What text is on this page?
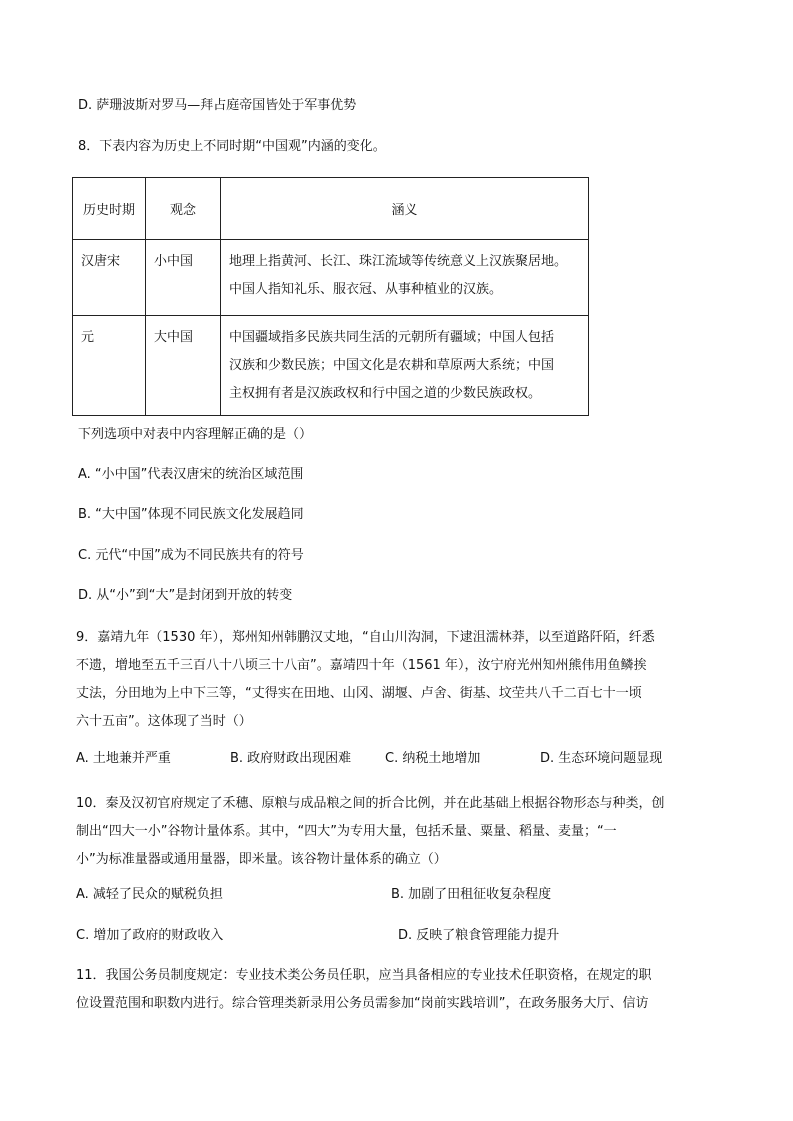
D. 萨珊波斯对罗马—拜占庭帝国皆处于军事优势
8．下表内容为历史上不同时期“中国观”内涵的变化。
历史时期	观念	涵义

汉唐宋	小中国	地理上指黄河、长江、珠江流域等传统意义上汉族聚居地。
中国人指知礼乐、服衣冠、从事种植业的汉族。

元	大中国	中国疆域指多民族共同生活的元朝所有疆域；中国人包括
汉族和少数民族；中国文化是农耕和草原两大系统；中国
主权拥有者是汉族政权和行中国之道的少数民族政权。
下列选项中对表中内容理解正确的是（）
A. “小中国”代表汉唐宋的统治区域范围
B. “大中国”体现不同民族文化发展趋同
C. 元代“中国”成为不同民族共有的符号
D. 从“小”到“大”是封闭到开放的转变
9．嘉靖九年（1530 年），郑州知州韩鹏汉丈地，“自山川沟洞，下逮沮濡林莽，以至道路阡陌，纤悉
不遗，增地至五千三百八十八顷三十八亩”。嘉靖四十年（1561 年），汝宁府光州知州熊伟用鱼鳞挨
丈法，分田地为上中下三等，“丈得实在田地、山冈、湖堰、卢舍、街基、坟茔共八千二百七十一顷
六十五亩”。这体现了当时（）
A. 土地兼并严重	B. 政府财政出现困难	C. 纳税土地增加	D. 生态环境问题显现
10．秦及汉初官府规定了禾穗、原粮与成品粮之间的折合比例，并在此基础上根据谷物形态与种类，创
制出“四大一小”谷物计量体系。其中，“四大”为专用大量，包括禾量、粟量、稻量、麦量；“一
小”为标准量器或通用量器，即米量。该谷物计量体系的确立（）
A. 减轻了民众的赋税负担	B. 加剧了田租征收复杂程度
C. 增加了政府的财政收入	D. 反映了粮食管理能力提升
11．我国公务员制度规定：专业技术类公务员任职，应当具备相应的专业技术任职资格，在规定的职
位设置范围和职数内进行。综合管理类新录用公务员需参加“岗前实践培训”，在政务服务大厅、信访
